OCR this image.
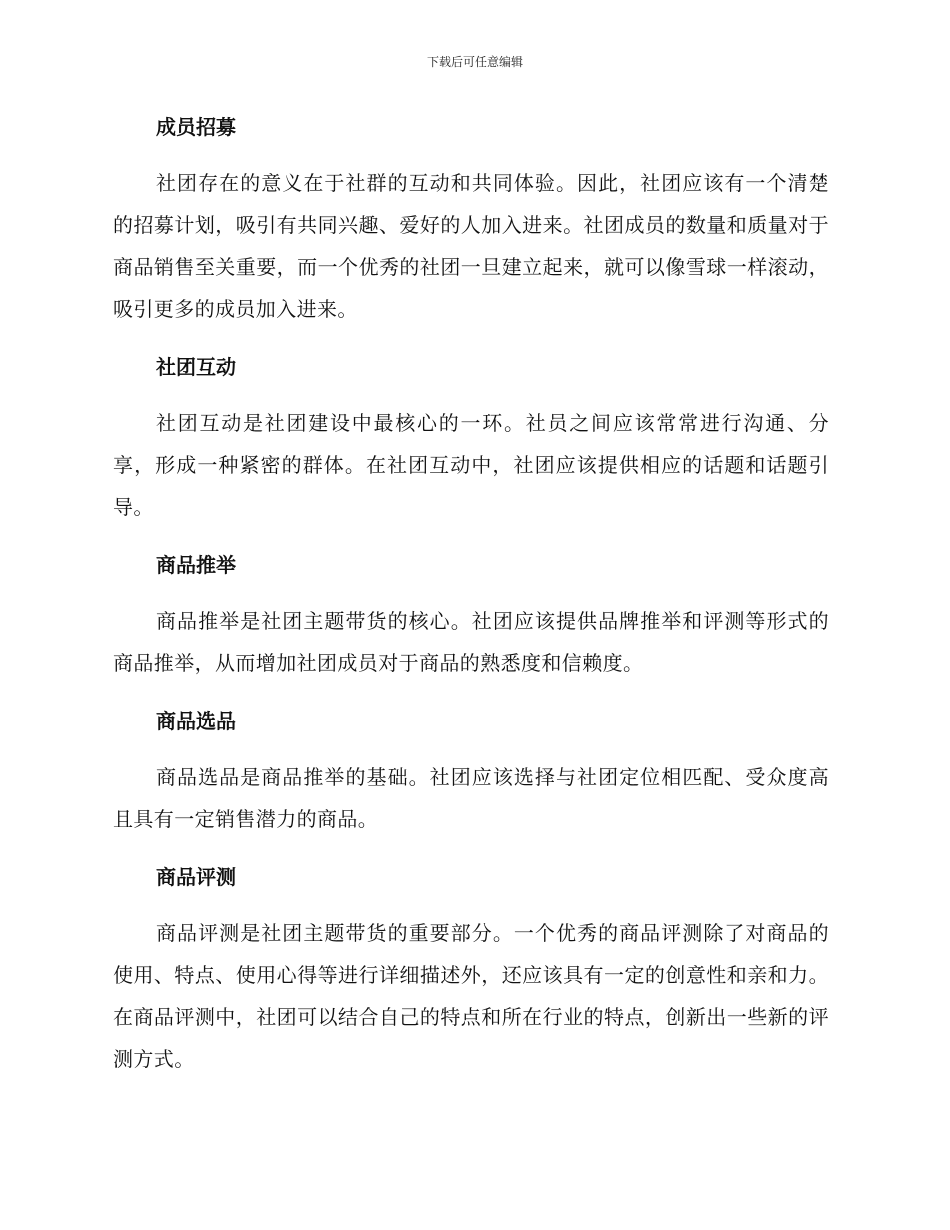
下载后可任意编辑
成员招募

社团存在的意义在于社群的互动和共同体验。因此，社团应该有一个清楚的招募计划，吸引有共同兴趣、爱好的人加入进来。社团成员的数量和质量对于商品销售至关重要，而一个优秀的社团一旦建立起来，就可以像雪球一样滚动，吸引更多的成员加入进来。

社团互动

社团互动是社团建设中最核心的一环。社员之间应该常常进行沟通、分享，形成一种紧密的群体。在社团互动中，社团应该提供相应的话题和话题引导。

商品推举

商品推举是社团主题带货的核心。社团应该提供品牌推举和评测等形式的商品推举，从而增加社团成员对于商品的熟悉度和信赖度。

商品选品

商品选品是商品推举的基础。社团应该选择与社团定位相匹配、受众度高且具有一定销售潜力的商品。

商品评测

商品评测是社团主题带货的重要部分。一个优秀的商品评测除了对商品的使用、特点、使用心得等进行详细描述外，还应该具有一定的创意性和亲和力。在商品评测中，社团可以结合自己的特点和所在行业的特点，创新出一些新的评测方式。
